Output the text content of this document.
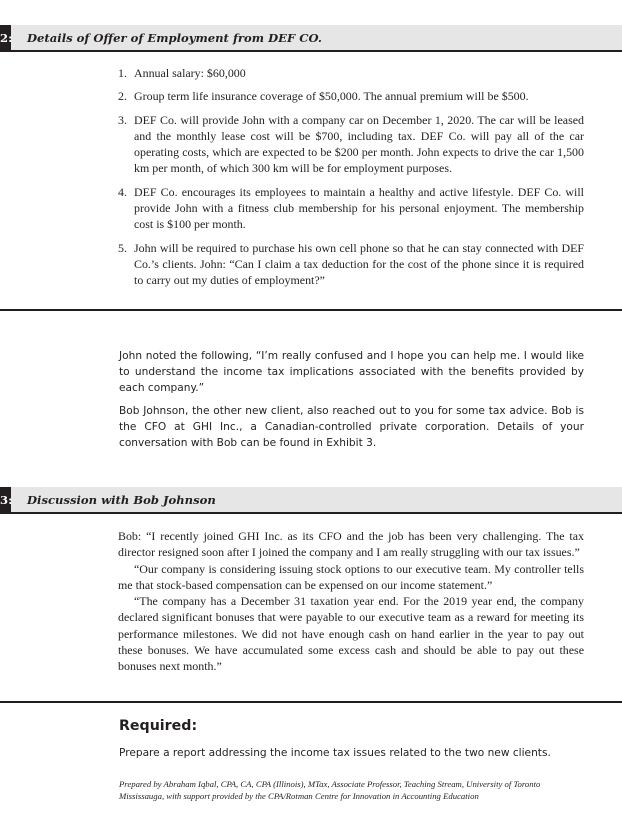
2: Details of Offer of Employment from DEF CO.
1. Annual salary: $60,000
2. Group term life insurance coverage of $50,000. The annual premium will be $500.
3. DEF Co. will provide John with a company car on December 1, 2020. The car will be leased and the monthly lease cost will be $700, including tax. DEF Co. will pay all of the car operating costs, which are expected to be $200 per month. John expects to drive the car 1,500 km per month, of which 300 km will be for employment purposes.
4. DEF Co. encourages its employees to maintain a healthy and active lifestyle. DEF Co. will provide John with a fitness club membership for his personal enjoyment. The membership cost is $100 per month.
5. John will be required to purchase his own cell phone so that he can stay connected with DEF Co.’s clients. John: “Can I claim a tax deduction for the cost of the phone since it is required to carry out my duties of employment?”

John noted the following, “I’m really confused and I hope you can help me. I would like to understand the income tax implications associated with the benefits provided by each company.”

Bob Johnson, the other new client, also reached out to you for some tax advice. Bob is the CFO at GHI Inc., a Canadian-controlled private corporation. Details of your conversation with Bob can be found in Exhibit 3.

3: Discussion with Bob Johnson

Bob: “I recently joined GHI Inc. as its CFO and the job has been very challenging. The tax director resigned soon after I joined the company and I am really struggling with our tax issues.”

“Our company is considering issuing stock options to our executive team. My controller tells me that stock-based compensation can be expensed on our income statement.”

“The company has a December 31 taxation year end. For the 2019 year end, the company declared significant bonuses that were payable to our executive team as a reward for meeting its performance milestones. We did not have enough cash on hand earlier in the year to pay out these bonuses. We have accumulated some excess cash and should be able to pay out these bonuses next month.”

Required:

Prepare a report addressing the income tax issues related to the two new clients.

Prepared by Abraham Iqbal, CPA, CA, CPA (Illinois), MTax, Associate Professor, Teaching Stream, University of Toronto Mississauga, with support provided by the CPA/Rotman Centre for Innovation in Accounting Education
